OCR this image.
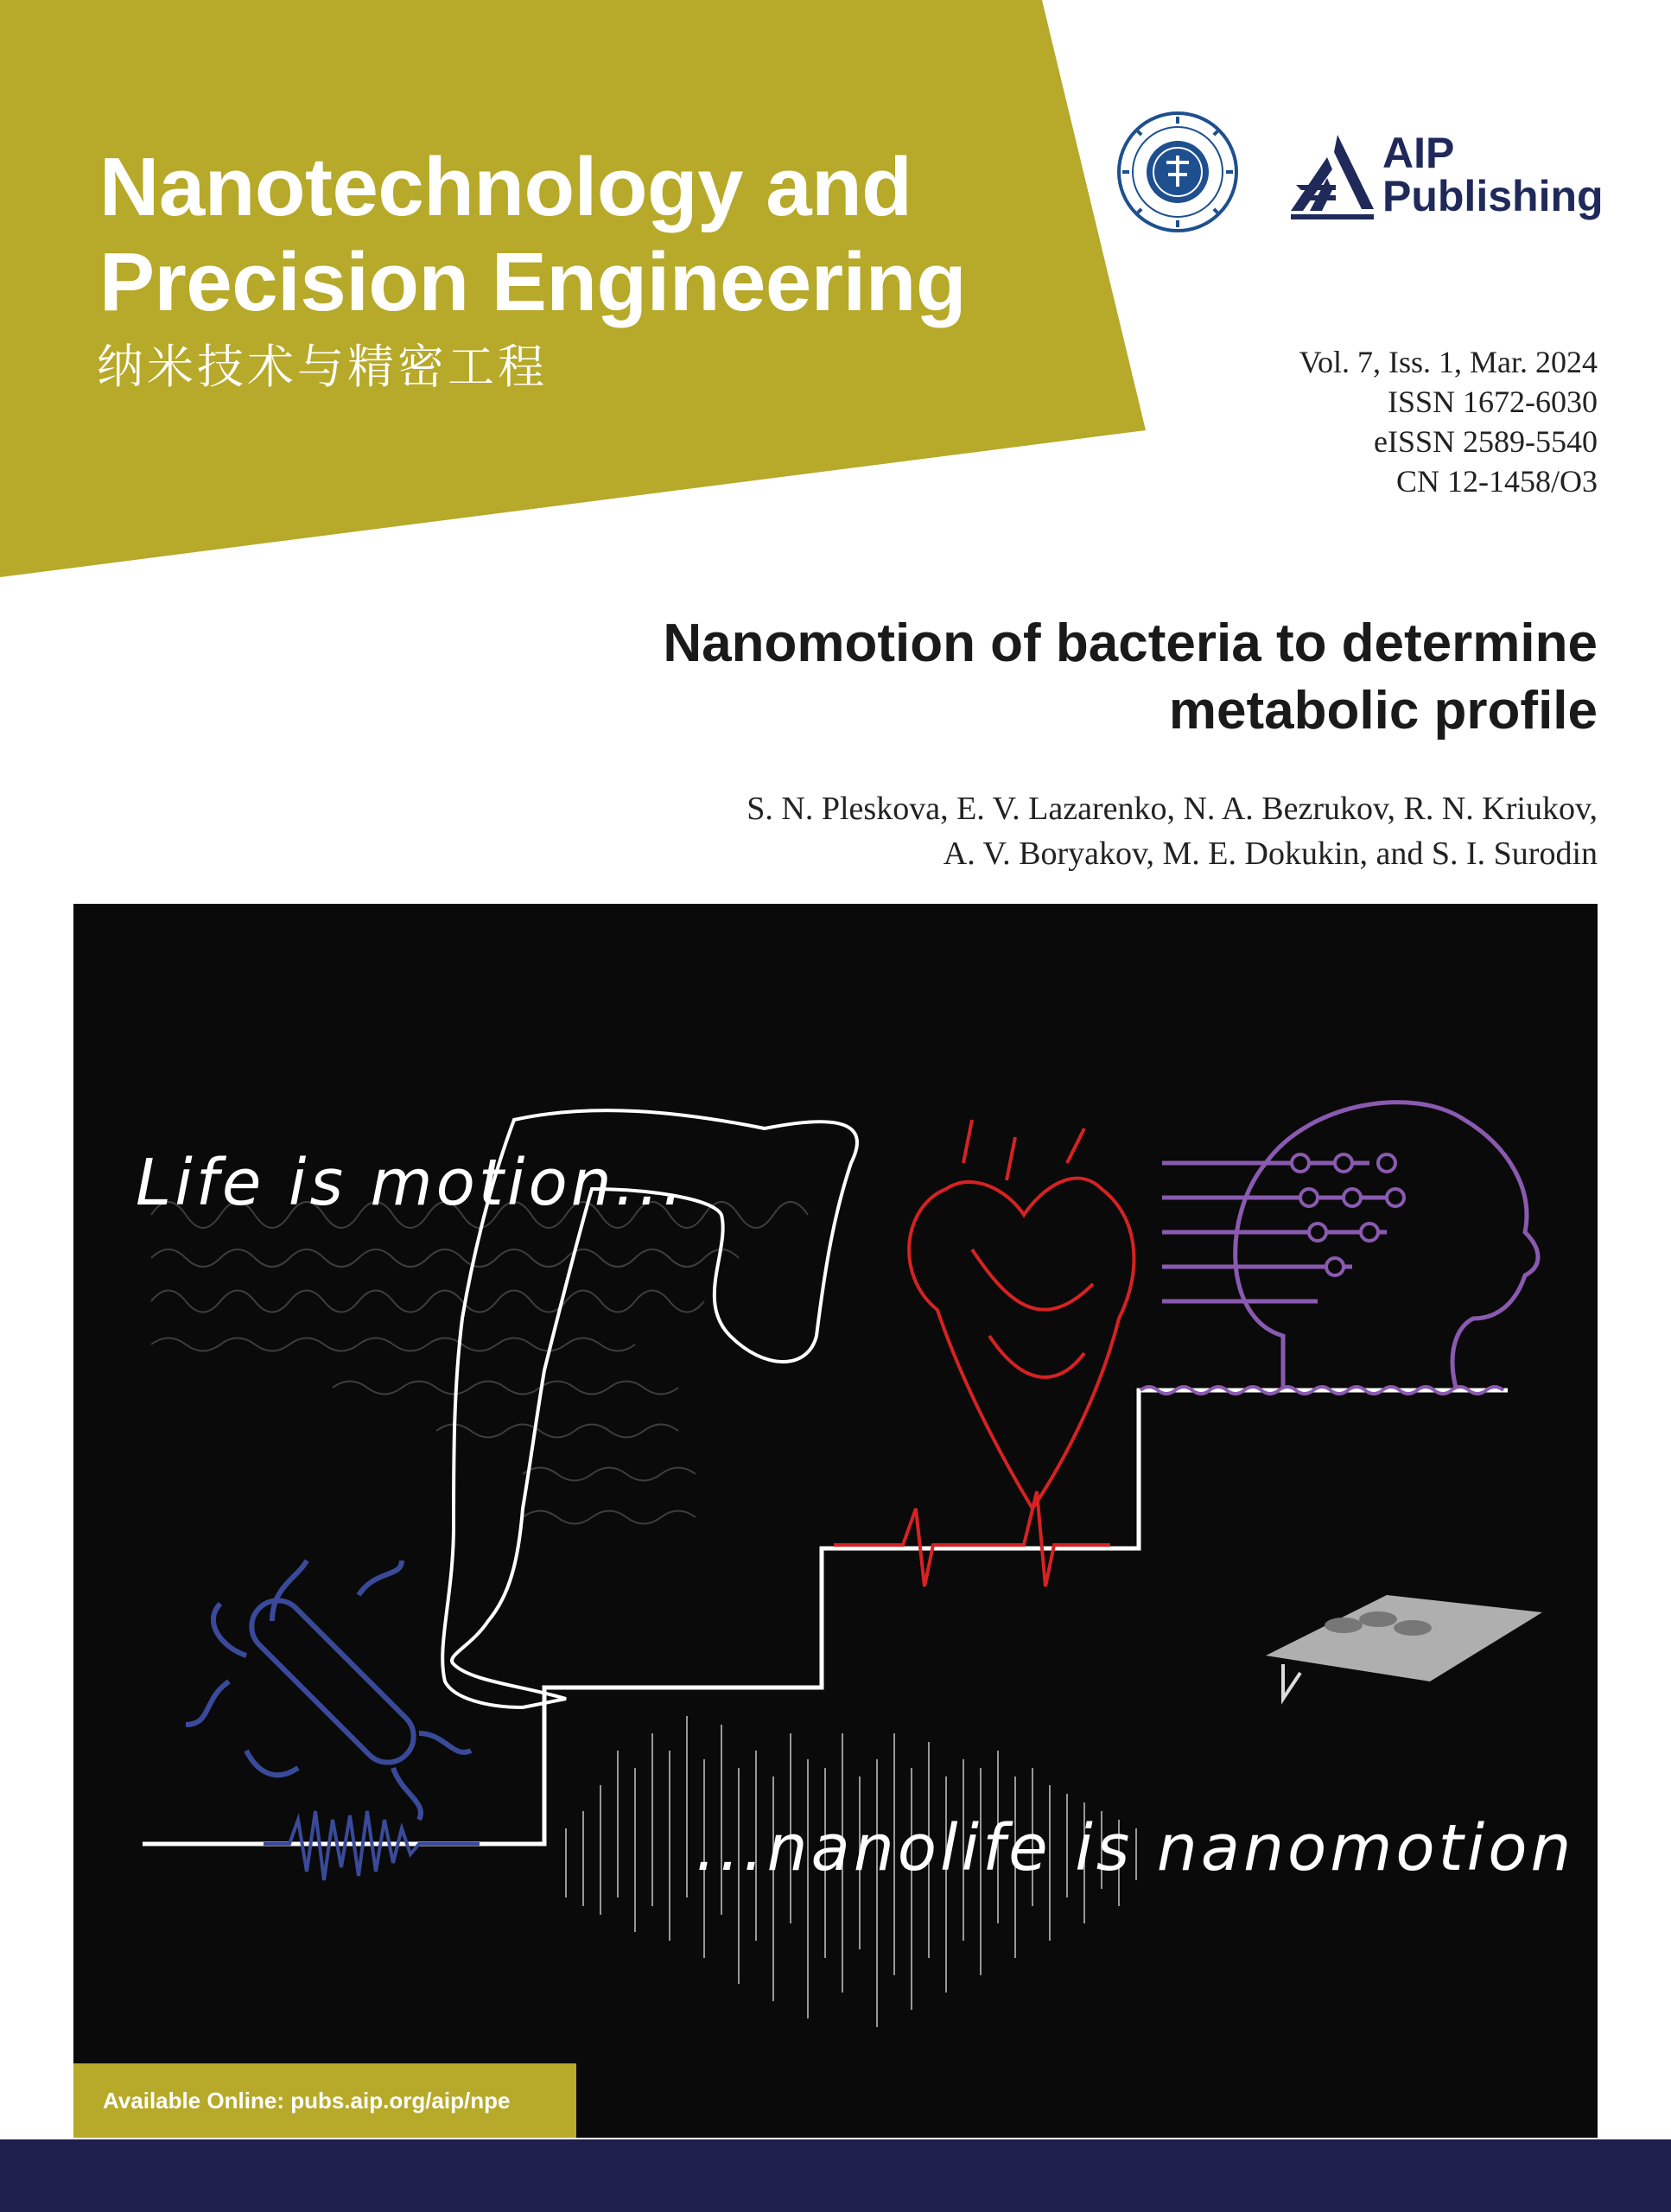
Nanotechnology and
Precision Engineering
纳米技术与精密工程
AIP
Publishing
Vol. 7, Iss. 1, Mar. 2024
ISSN 1672-6030
eISSN 2589-5540
CN 12-1458/O3
Nanomotion of bacteria to determine
metabolic profile
S. N. Pleskova, E. V. Lazarenko, N. A. Bezrukov, R. N. Kriukov,
A. V. Boryakov, M. E. Dokukin, and S. I. Surodin
Life is motion...
...nanolife is nanomotion
Available Online: pubs.aip.org/aip/npe
